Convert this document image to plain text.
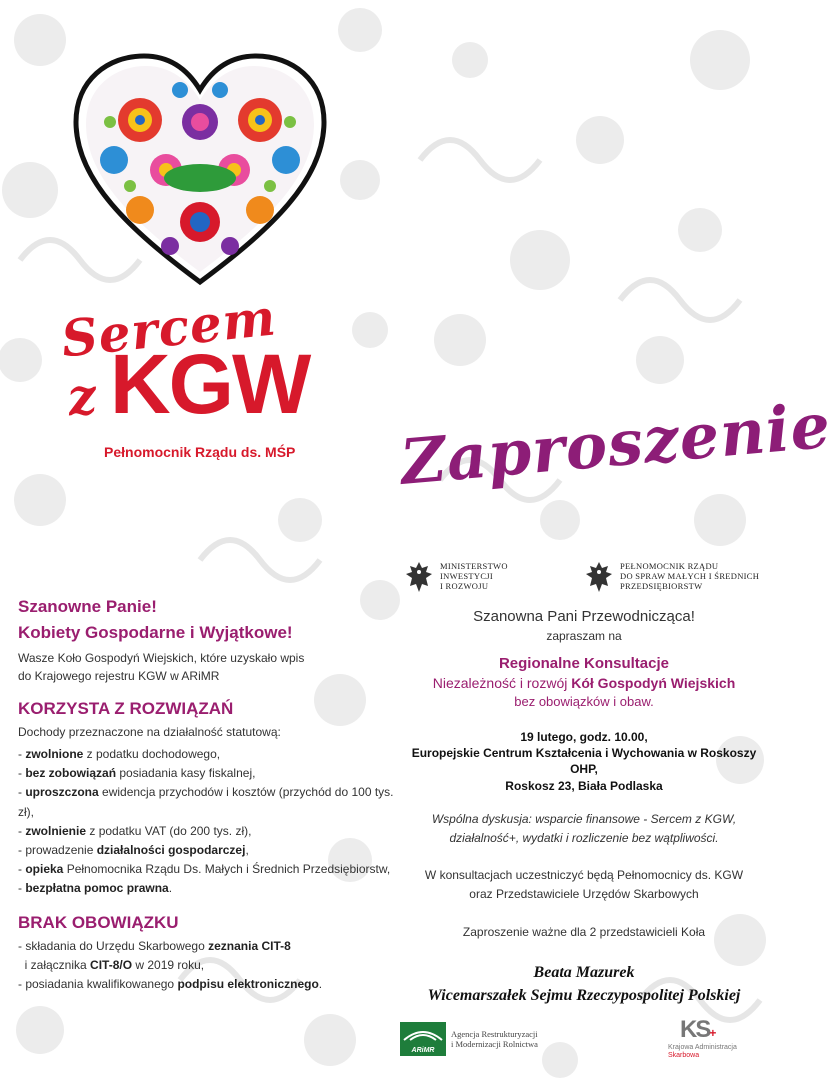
Sercem z KGW
Pełnomocnik Rządu ds. MŚP Zaproszenie
Szanowne Panie!
Kobiety Gospodarne i Wyjątkowe!
Wasze Koło Gospodyń Wiejskich, które uzyskało wpis
do Krajowego rejestru KGW w ARiMR
KORZYSTA Z ROZWIĄZAŃ
Dochody przeznaczone na działalność statutową:
- zwolnione z podatku dochodowego,
- bez zobowiązań posiadania kasy fiskalnej,
- uproszczona ewidencja przychodów i kosztów (przychód do 100 tys. zł),
- zwolnienie z podatku VAT (do 200 tys. zł),
- prowadzenie działalności gospodarczej,
- opieka Pełnomocnika Rządu Ds. Małych i Średnich Przedsiębiorstw,
- bezpłatna pomoc prawna.
BRAK OBOWIĄZKU
- składania do Urzędu Skarbowego zeznania CIT-8
i załącznika CIT-8/O w 2019 roku,
- posiadania kwalifikowanego podpisu elektronicznego.
MINISTERSTWO
INWESTYCJI
I ROZWOJU
PEŁNOMOCNIK RZĄDU
DO SPRAW MAŁYCH I ŚREDNICH
PRZEDSIĘBIORSTW
Szanowna Pani Przewodnicząca!
zapraszam na
Regionalne Konsultacje
Niezależność i rozwój Kół Gospodyń Wiejskich
bez obowiązków i obaw.
19 lutego, godz. 10.00,
Europejskie Centrum Kształcenia i Wychowania w Roskoszy OHP,
Roskosz 23, Biała Podlaska
Wspólna dyskusja: wsparcie finansowe - Sercem z KGW,
działalność+, wydatki i rozliczenie bez wątpliwości.
W konsultacjach uczestniczyć będą Pełnomocnicy ds. KGW
oraz Przedstawiciele Urzędów Skarbowych
Zaproszenie ważne dla 2 przedstawicieli Koła
Beata Mazurek
Wicemarszałek Sejmu Rzeczypospolitej Polskiej
ARiMR
Agencja Restrukturyzacji
i Modernizacji Rolnictwa
KS+
Krajowa Administracja
Skarbowa
